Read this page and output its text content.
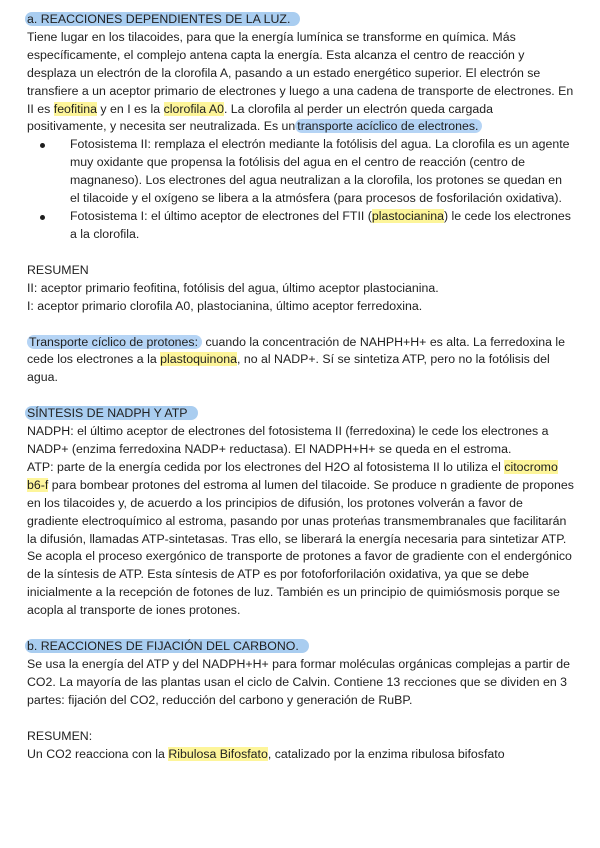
a. REACCIONES DEPENDIENTES DE LA LUZ.

Tiene lugar en los tilacoides, para que la energía lumínica se transforme en química. Más específicamente, el complejo antena capta la energía. Esta alcanza el centro de reacción y desplaza un electrón de la clorofila A, pasando a un estado energético superior. El electrón se transfiere a un aceptor primario de electrones y luego a una cadena de transporte de electrones. En II es feofitina y en I es la clorofila A0. La clorofila al perder un electrón queda cargada positivamente, y necesita ser neutralizada. Es un transporte acíclico de electrones.

Fotosistema II: remplaza el electrón mediante la fotólisis del agua. La clorofila es un agente muy oxidante que propensa la fotólisis del agua en el centro de reacción (centro de magnaneso). Los electrones del agua neutralizan a la clorofila, los protones se quedan en el tilacoide y el oxígeno se libera a la atmósfera (para procesos de fosforilación oxidativa).
Fotosistema I: el último aceptor de electrones del FTII (plastocianina) le cede los electrones a la clorofila.

RESUMEN

II: aceptor primario feofitina, fotólisis del agua, último aceptor plastocianina.

I: aceptor primario clorofila A0, plastocianina, último aceptor ferredoxina.

Transporte cíclico de protones: cuando la concentración de NAHPH+H+ es alta. La ferredoxina le cede los electrones a la plastoquinona, no al NADP+. Sí se sintetiza ATP, pero no la fotólisis del agua.

SÍNTESIS DE NADPH Y ATP

NADPH: el último aceptor de electrones del fotosistema II (ferredoxina) le cede los electrones a NADP+ (enzima ferredoxina NADP+ reductasa). El NADPH+H+ se queda en el estroma.

ATP: parte de la energía cedida por los electrones del H2O al fotosistema II lo utiliza el citocromo b6-f para bombear protones del estroma al lumen del tilacoide. Se produce n gradiente de propones en los tilacoides y, de acuerdo a los principios de difusión, los protones volverán a favor de gradiente electroquímico al estroma, pasando por unas proteńas transmembranales que facilitarán la difusión, llamadas ATP-sintetasas. Tras ello, se liberará la energía necesaria para sintetizar ATP. Se acopla el proceso exergónico de transporte de protones a favor de gradiente con el endergónico de la síntesis de ATP. Esta síntesis de ATP es por fotoforforilación oxidativa, ya que se debe inicialmente a la recepción de fotones de luz. También es un principio de quimiósmosis porque se acopla al transporte de iones protones.

b. REACCIONES DE FIJACIÓN DEL CARBONO.

Se usa la energía del ATP y del NADPH+H+ para formar moléculas orgánicas complejas a partir de CO2. La mayoría de las plantas usan el ciclo de Calvin. Contiene 13 recciones que se dividen en 3 partes: fijación del CO2, reducción del carbono y generación de RuBP.

RESUMEN:

Un CO2 reacciona con la Ribulosa Bifosfato, catalizado por la enzima ribulosa bifosfato
